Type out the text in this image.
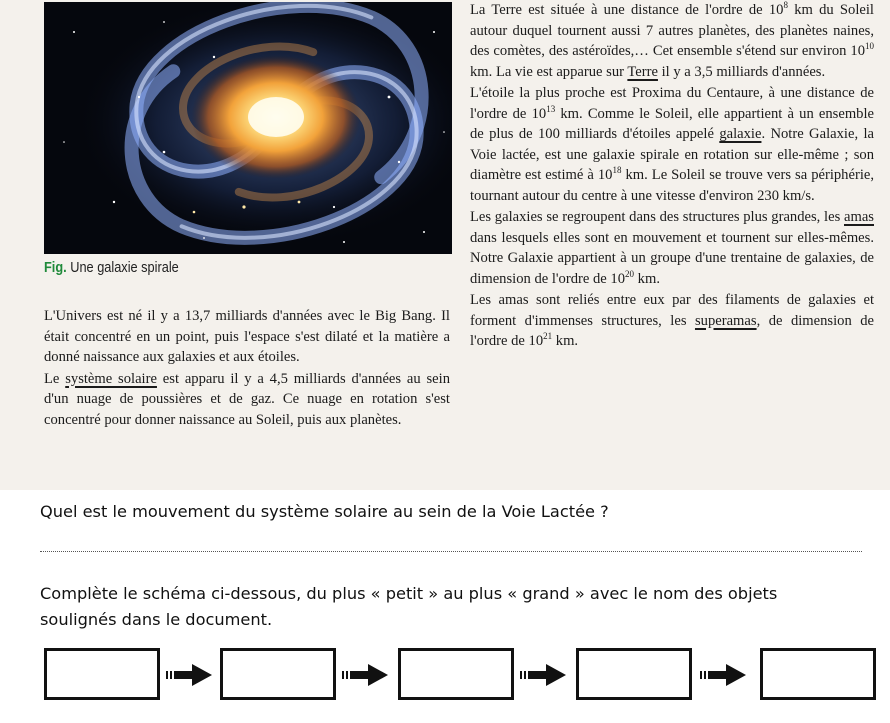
Fig. Une galaxie spirale

L'Univers est né il y a 13,7 milliards d'années avec le Big Bang. Il était concentré en un point, puis l'espace s'est dilaté et la matière a donné naissance aux galaxies et aux étoiles.

Le système solaire est apparu il y a 4,5 milliards d'années au sein d'un nuage de poussières et de gaz. Ce nuage en rotation s'est concentré pour donner naissance au Soleil, puis aux planètes.

La Terre est située à une distance de l'ordre de $10^8$ km du Soleil autour duquel tournent aussi 7 autres planètes, des planètes naines, des comètes, des astéroïdes,… Cet ensemble s'étend sur environ $10^{10}$ km. La vie est apparue sur Terre il y a 3,5 milliards d'années.

L'étoile la plus proche est Proxima du Centaure, à une distance de l'ordre de $10^{13}$ km. Comme le Soleil, elle appartient à un ensemble de plus de 100 milliards d'étoiles appelé galaxie. Notre Galaxie, la Voie lactée, est une galaxie spirale en rotation sur elle-même ; son diamètre est estimé à $10^{18}$ km. Le Soleil se trouve vers sa périphérie, tournant autour du centre à une vitesse d'environ 230 km/s.

Les galaxies se regroupent dans des structures plus grandes, les amas dans lesquels elles sont en mouvement et tournent sur elles-mêmes. Notre Galaxie appartient à un groupe d'une trentaine de galaxies, de dimension de l'ordre de $10^{20}$ km.

Les amas sont reliés entre eux par des filaments de galaxies et forment d'immenses structures, les superamas, de dimension de l'ordre de $10^{21}$ km.

Quel est le mouvement du système solaire au sein de la Voie Lactée ?
Complète le schéma ci-dessous, du plus « petit » au plus « grand » avec le nom des objets
soulignés dans le document.
